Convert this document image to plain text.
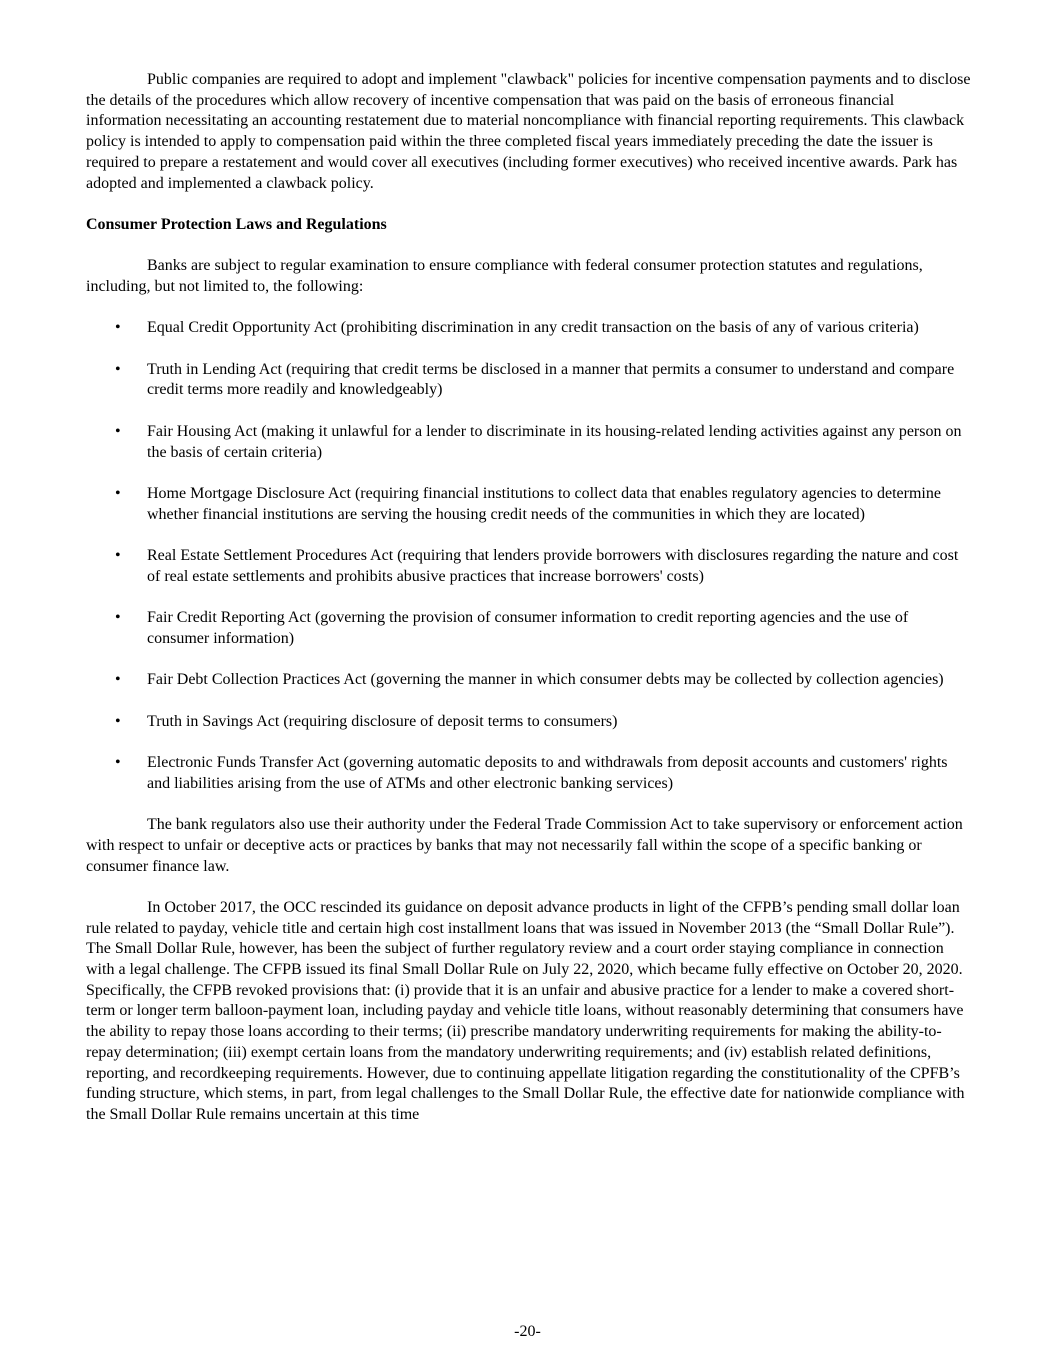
Public companies are required to adopt and implement "clawback" policies for incentive compensation payments and to disclose the details of the procedures which allow recovery of incentive compensation that was paid on the basis of erroneous financial information necessitating an accounting restatement due to material noncompliance with financial reporting requirements. This clawback policy is intended to apply to compensation paid within the three completed fiscal years immediately preceding the date the issuer is required to prepare a restatement and would cover all executives (including former executives) who received incentive awards. Park has adopted and implemented a clawback policy.

Consumer Protection Laws and Regulations

Banks are subject to regular examination to ensure compliance with federal consumer protection statutes and regulations, including, but not limited to, the following:

• Equal Credit Opportunity Act (prohibiting discrimination in any credit transaction on the basis of any of various criteria)
• Truth in Lending Act (requiring that credit terms be disclosed in a manner that permits a consumer to understand and compare credit terms more readily and knowledgeably)
• Fair Housing Act (making it unlawful for a lender to discriminate in its housing-related lending activities against any person on the basis of certain criteria)
• Home Mortgage Disclosure Act (requiring financial institutions to collect data that enables regulatory agencies to determine whether financial institutions are serving the housing credit needs of the communities in which they are located)
• Real Estate Settlement Procedures Act (requiring that lenders provide borrowers with disclosures regarding the nature and cost of real estate settlements and prohibits abusive practices that increase borrowers' costs)
• Fair Credit Reporting Act (governing the provision of consumer information to credit reporting agencies and the use of consumer information)
• Fair Debt Collection Practices Act (governing the manner in which consumer debts may be collected by collection agencies)
• Truth in Savings Act (requiring disclosure of deposit terms to consumers)
• Electronic Funds Transfer Act (governing automatic deposits to and withdrawals from deposit accounts and customers' rights and liabilities arising from the use of ATMs and other electronic banking services)

The bank regulators also use their authority under the Federal Trade Commission Act to take supervisory or enforcement action with respect to unfair or deceptive acts or practices by banks that may not necessarily fall within the scope of a specific banking or consumer finance law.

In October 2017, the OCC rescinded its guidance on deposit advance products in light of the CFPB’s pending small dollar loan rule related to payday, vehicle title and certain high cost installment loans that was issued in November 2013 (the “Small Dollar Rule”). The Small Dollar Rule, however, has been the subject of further regulatory review and a court order staying compliance in connection with a legal challenge. The CFPB issued its final Small Dollar Rule on July 22, 2020, which became fully effective on October 20, 2020. Specifically, the CFPB revoked provisions that: (i) provide that it is an unfair and abusive practice for a lender to make a covered short-term or longer term balloon-payment loan, including payday and vehicle title loans, without reasonably determining that consumers have the ability to repay those loans according to their terms; (ii) prescribe mandatory underwriting requirements for making the ability-to-repay determination; (iii) exempt certain loans from the mandatory underwriting requirements; and (iv) establish related definitions, reporting, and recordkeeping requirements. However, due to continuing appellate litigation regarding the constitutionality of the CPFB’s funding structure, which stems, in part, from legal challenges to the Small Dollar Rule, the effective date for nationwide compliance with the Small Dollar Rule remains uncertain at this time

-20-
